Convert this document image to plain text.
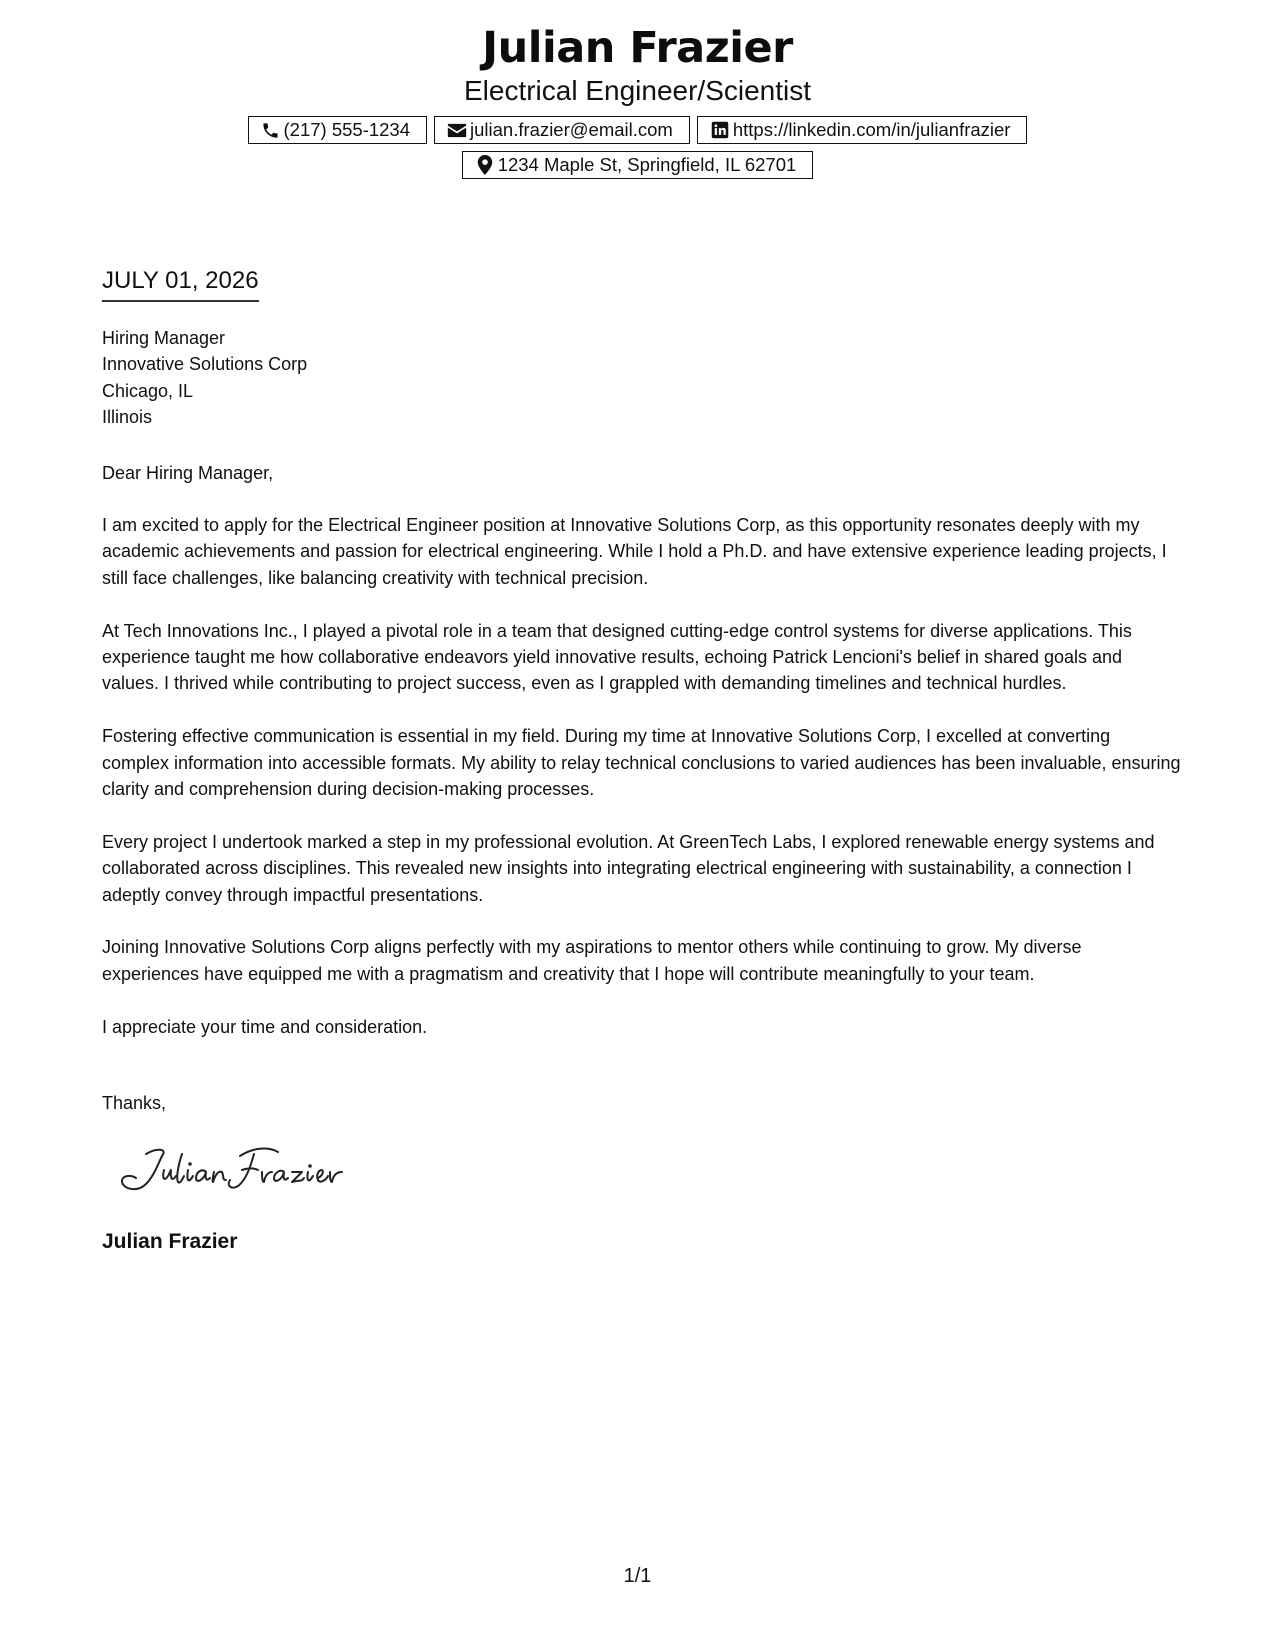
Julian Frazier
Electrical Engineer/Scientist
(217) 555-1234	julian.frazier@email.com	https://linkedin.com/in/julianfrazier
1234 Maple St, Springfield, IL 62701
JULY 01, 2026
Hiring Manager
Innovative Solutions Corp
Chicago, IL
Illinois
Dear Hiring Manager,

I am excited to apply for the Electrical Engineer position at Innovative Solutions Corp, as this opportunity resonates deeply with my academic achievements and passion for electrical engineering. While I hold a Ph.D. and have extensive experience leading projects, I still face challenges, like balancing creativity with technical precision.

At Tech Innovations Inc., I played a pivotal role in a team that designed cutting-edge control systems for diverse applications. This experience taught me how collaborative endeavors yield innovative results, echoing Patrick Lencioni's belief in shared goals and values. I thrived while contributing to project success, even as I grappled with demanding timelines and technical hurdles.

Fostering effective communication is essential in my field. During my time at Innovative Solutions Corp, I excelled at converting complex information into accessible formats. My ability to relay technical conclusions to varied audiences has been invaluable, ensuring clarity and comprehension during decision-making processes.

Every project I undertook marked a step in my professional evolution. At GreenTech Labs, I explored renewable energy systems and collaborated across disciplines. This revealed new insights into integrating electrical engineering with sustainability, a connection I adeptly convey through impactful presentations.

Joining Innovative Solutions Corp aligns perfectly with my aspirations to mentor others while continuing to grow. My diverse experiences have equipped me with a pragmatism and creativity that I hope will contribute meaningfully to your team.

I appreciate your time and consideration.

Thanks,
Julian Frazier
1/1
